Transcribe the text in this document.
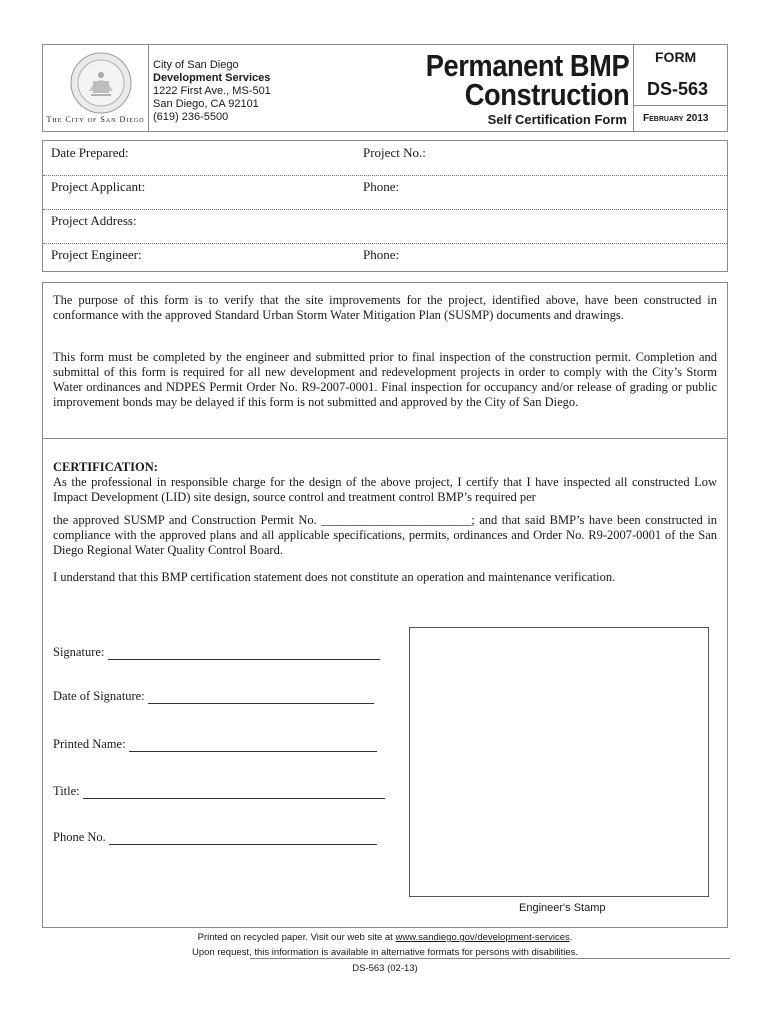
The City of San Diego
City of San Diego
Development Services
1222 First Ave., MS-501
San Diego, CA 92101
(619) 236-5500
Permanent BMP
Construction
Self Certification Form
FORM
DS-563
February 2013
Date Prepared:	Project No.:
Project Applicant:	Phone:
Project Address:
Project Engineer:	Phone:
The purpose of this form is to verify that the site improvements for the project, identified above, have been constructed in conformance with the approved Standard Urban Storm Water Mitigation Plan (SUSMP) documents and drawings.
This form must be completed by the engineer and submitted prior to final inspection of the construction permit. Completion and submittal of this form is required for all new development and redevelopment projects in order to comply with the City’s Storm Water ordinances and NDPES Permit Order No. R9-2007-0001. Final inspection for occupancy and/or release of grading or public improvement bonds may be delayed if this form is not submitted and approved by the City of San Diego.
CERTIFICATION:
As the professional in responsible charge for the design of the above project, I certify that I have inspected all constructed Low Impact Development (LID) site design, source control and treatment control BMP’s required per
the approved SUSMP and Construction Permit No. ________________________; and that said BMP’s have been constructed in compliance with the approved plans and all applicable specifications, permits, ordinances and Order No. R9-2007-0001 of the San Diego Regional Water Quality Control Board.
I understand that this BMP certification statement does not constitute an operation and maintenance verification.
Signature:
Date of Signature:
Printed Name:
Title:
Phone No.
Engineer's Stamp
Printed on recycled paper. Visit our web site at www.sandiego.gov/development-services.
Upon request, this information is available in alternative formats for persons with disabilities.
DS-563 (02-13)
